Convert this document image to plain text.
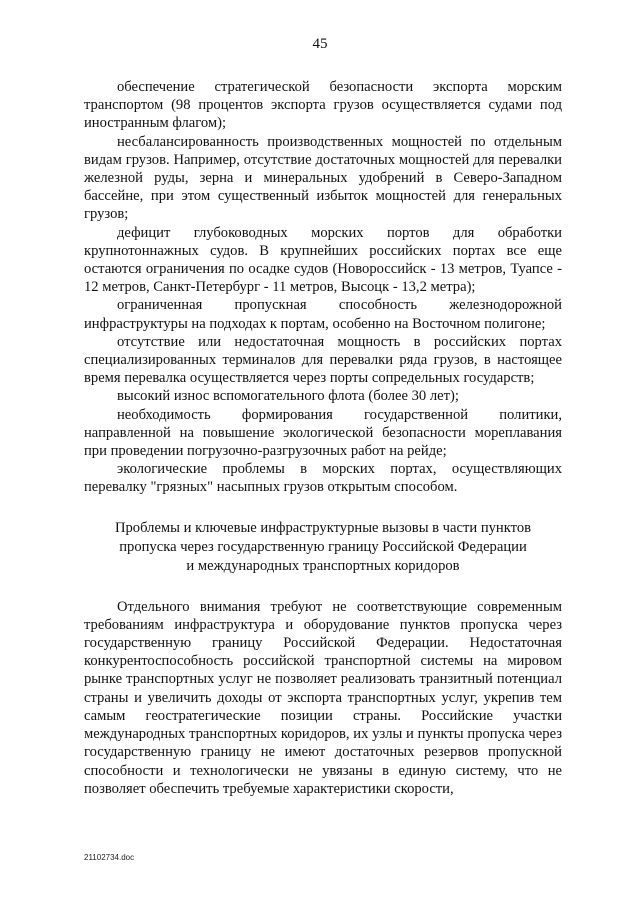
45

обеспечение стратегической безопасности экспорта морским транспортом (98 процентов экспорта грузов осуществляется судами под иностранным флагом);

несбалансированность производственных мощностей по отдельным видам грузов. Например, отсутствие достаточных мощностей для перевалки железной руды, зерна и минеральных удобрений в Северо-Западном бассейне, при этом существенный избыток мощностей для генеральных грузов;

дефицит глубоководных морских портов для обработки крупнотоннажных судов. В крупнейших российских портах все еще остаются ограничения по осадке судов (Новороссийск - 13 метров, Туапсе - 12 метров, Санкт-Петербург - 11 метров, Высоцк - 13,2 метра);

ограниченная пропускная способность железнодорожной инфраструктуры на подходах к портам, особенно на Восточном полигоне;

отсутствие или недостаточная мощность в российских портах специализированных терминалов для перевалки ряда грузов, в настоящее время перевалка осуществляется через порты сопредельных государств;

высокий износ вспомогательного флота (более 30 лет);

необходимость формирования государственной политики, направленной на повышение экологической безопасности мореплавания при проведении погрузочно-разгрузочных работ на рейде;

экологические проблемы в морских портах, осуществляющих перевалку "грязных" насыпных грузов открытым способом.

Проблемы и ключевые инфраструктурные вызовы в части пунктов
пропуска через государственную границу Российской Федерации
и международных транспортных коридоров

Отдельного внимания требуют не соответствующие современным требованиям инфраструктура и оборудование пунктов пропуска через государственную границу Российской Федерации. Недостаточная конкурентоспособность российской транспортной системы на мировом рынке транспортных услуг не позволяет реализовать транзитный потенциал страны и увеличить доходы от экспорта транспортных услуг, укрепив тем самым геостратегические позиции страны. Российские участки международных транспортных коридоров, их узлы и пункты пропуска через государственную границу не имеют достаточных резервов пропускной способности и технологически не увязаны в единую систему, что не позволяет обеспечить требуемые характеристики скорости,

21102734.doc
